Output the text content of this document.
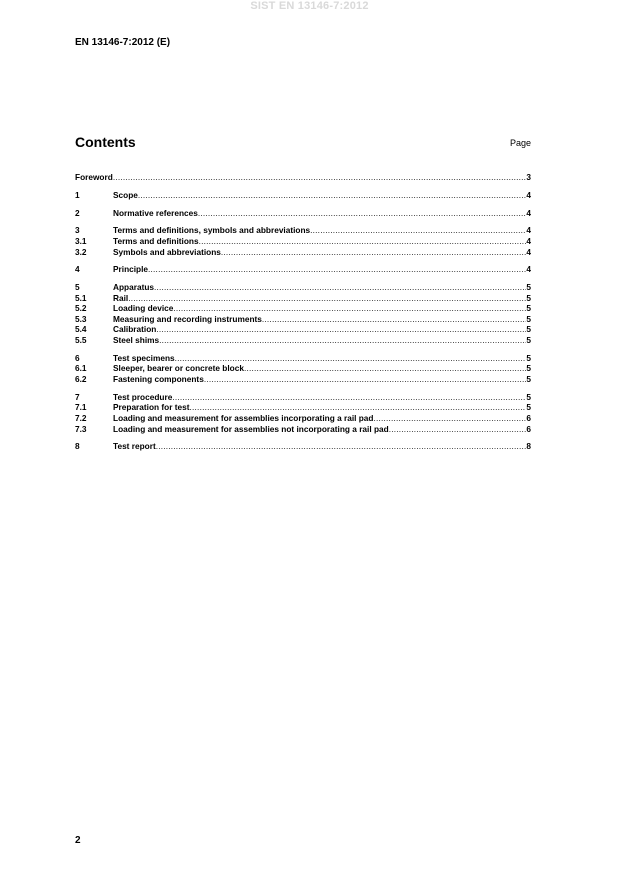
SIST EN 13146-7:2012
EN 13146-7:2012 (E)
Contents	Page
Foreword .....	3
1	Scope .....	4
2	Normative references .....	4
3	Terms and definitions, symbols and abbreviations .....	4
3.1	Terms and definitions .....	4
3.2	Symbols and abbreviations .....	4
4	Principle .....	4
5	Apparatus .....	5
5.1	Rail .....	5
5.2	Loading device .....	5
5.3	Measuring and recording instruments .....	5
5.4	Calibration .....	5
5.5	Steel shims .....	5
6	Test specimens .....	5
6.1	Sleeper, bearer or concrete block .....	5
6.2	Fastening components .....	5
7	Test procedure .....	5
7.1	Preparation for test .....	5
7.2	Loading and measurement for assemblies incorporating a rail pad .....	6
7.3	Loading and measurement for assemblies not incorporating a rail pad .....	6
8	Test report .....	8
2
